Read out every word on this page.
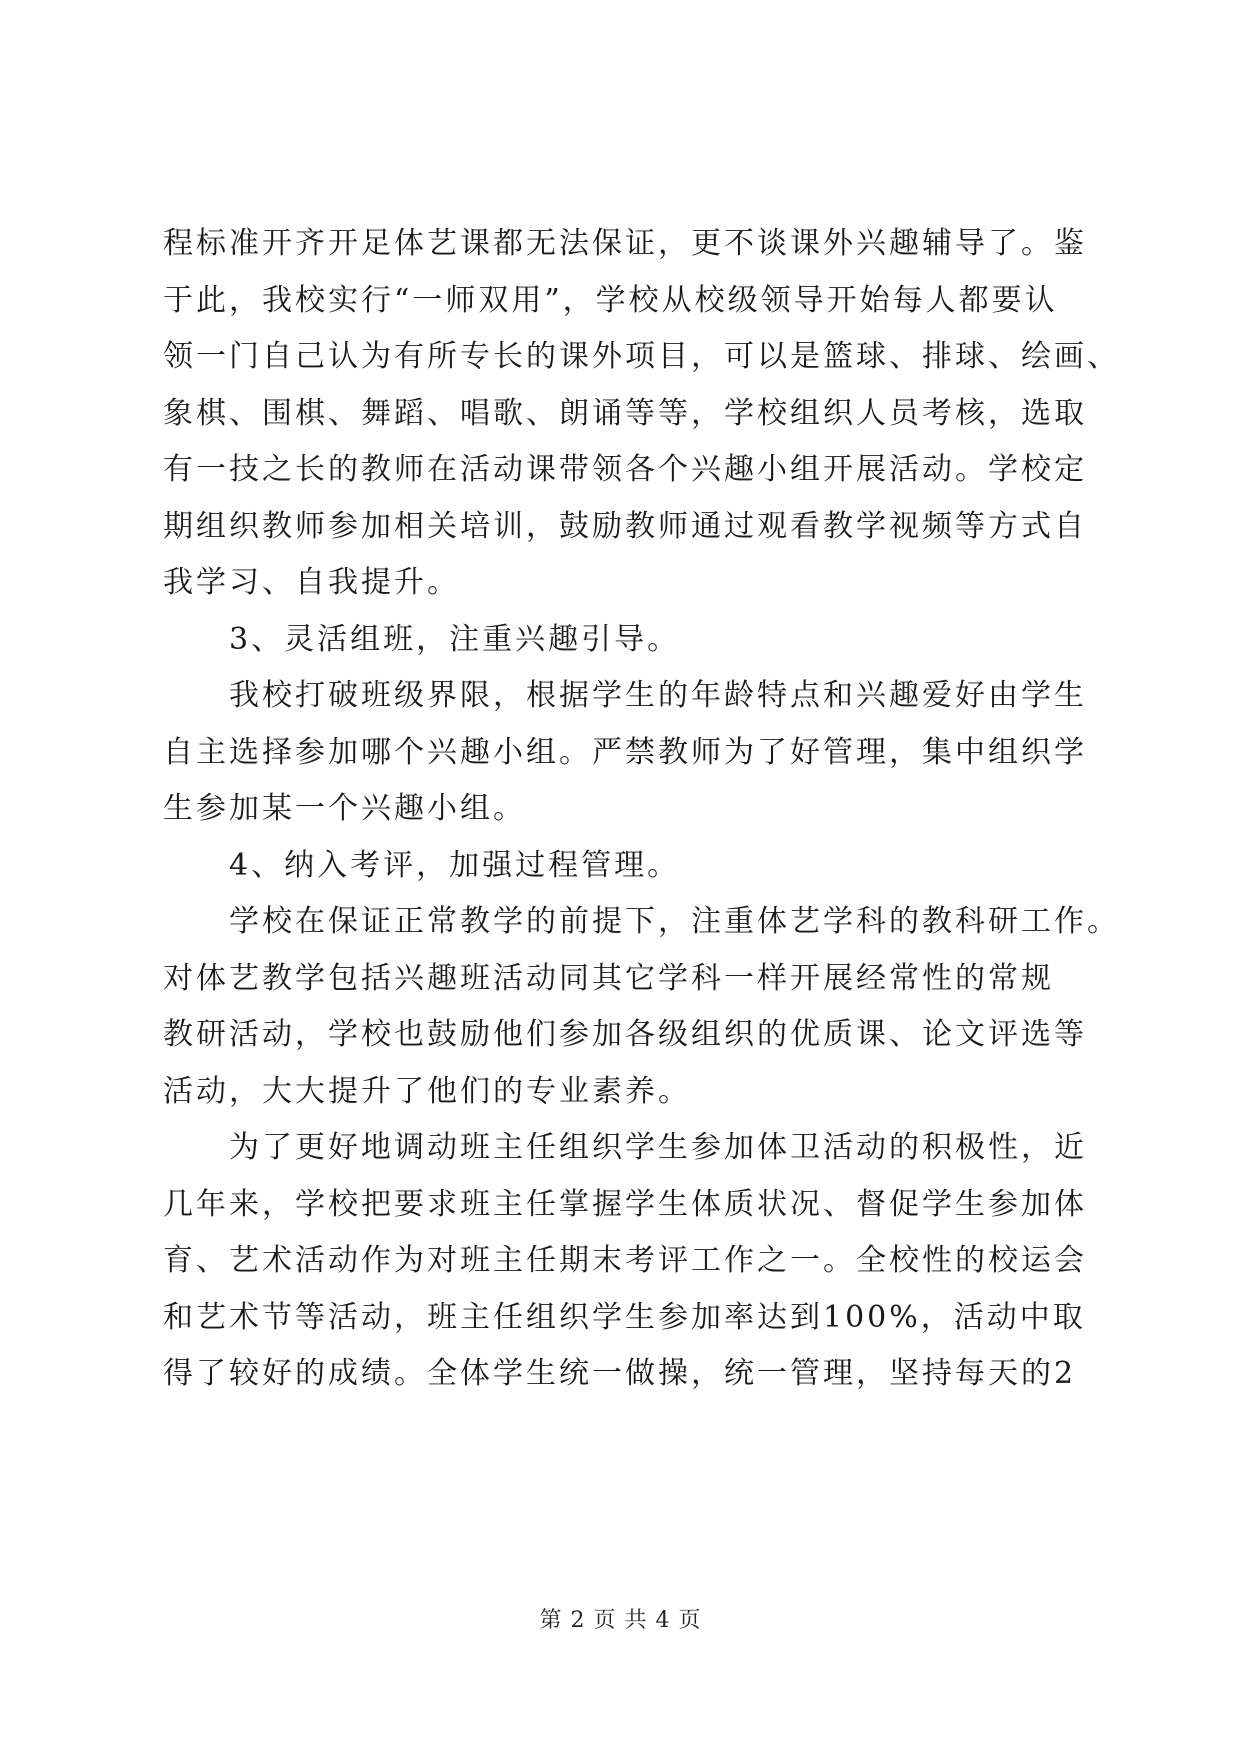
程标准开齐开足体艺课都无法保证，更不谈课外兴趣辅导了。鉴
于此，我校实行“一师双用”，学校从校级领导开始每人都要认
领一门自己认为有所专长的课外项目，可以是篮球、排球、绘画、
象棋、围棋、舞蹈、唱歌、朗诵等等，学校组织人员考核，选取
有一技之长的教师在活动课带领各个兴趣小组开展活动。学校定
期组织教师参加相关培训，鼓励教师通过观看教学视频等方式自
我学习、自我提升。
3、灵活组班，注重兴趣引导。
我校打破班级界限，根据学生的年龄特点和兴趣爱好由学生
自主选择参加哪个兴趣小组。严禁教师为了好管理，集中组织学
生参加某一个兴趣小组。
4、纳入考评，加强过程管理。
学校在保证正常教学的前提下，注重体艺学科的教科研工作。
对体艺教学包括兴趣班活动同其它学科一样开展经常性的常规
教研活动，学校也鼓励他们参加各级组织的优质课、论文评选等
活动，大大提升了他们的专业素养。
为了更好地调动班主任组织学生参加体卫活动的积极性，近
几年来，学校把要求班主任掌握学生体质状况、督促学生参加体
育、艺术活动作为对班主任期末考评工作之一。全校性的校运会
和艺术节等活动，班主任组织学生参加率达到100%，活动中取
得了较好的成绩。全体学生统一做操，统一管理，坚持每天的2
第 2 页 共 4 页
